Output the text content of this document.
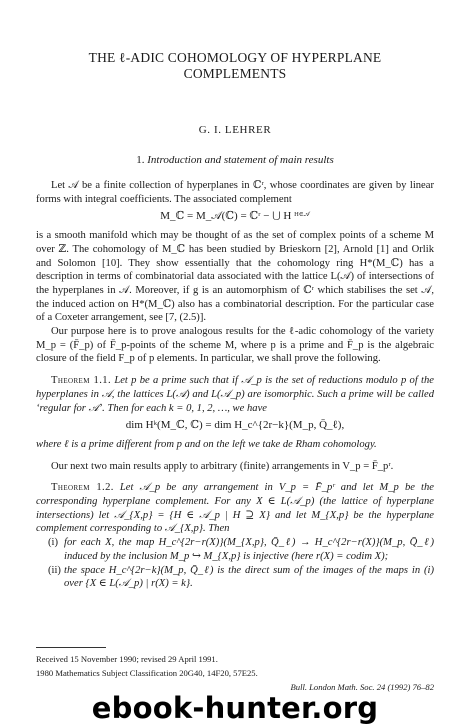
THE ℓ-ADIC COHOMOLOGY OF HYPERPLANE
COMPLEMENTS
G. I. LEHRER
1. Introduction and statement of main results

Let 𝒜 be a finite collection of hyperplanes in ℂʳ, whose coordinates are given by linear forms with integral coefficients. The associated complement

M_ℂ = M_𝒜(ℂ) = ℂʳ − ⋃ H H∈𝒜

is a smooth manifold which may be thought of as the set of complex points of a scheme M over ℤ. The cohomology of M_ℂ has been studied by Brieskorn [2], Arnold [1] and Orlik and Solomon [10]. They show essentially that the cohomology ring H*(M_ℂ) has a description in terms of combinatorial data associated with the lattice L(𝒜) of intersections of the hyperplanes in 𝒜. Moreover, if g is an automorphism of ℂʳ which stabilises the set 𝒜, the induced action on H*(M_ℂ) also has a combinatorial description. For the particular case of a Coxeter arrangement, see [7, (2.5)].

Our purpose here is to prove analogous results for the ℓ-adic cohomology of the variety M_p = (F̄_p) of F̄_p-points of the scheme M, where p is a prime and F̄_p is the algebraic closure of the field F_p of p elements. In particular, we shall prove the following.

Theorem 1.1. Let p be a prime such that if 𝒜_p is the set of reductions modulo p of the hyperplanes in 𝒜, the lattices L(𝒜) and L(𝒜_p) are isomorphic. Such a prime will be called ‘regular for 𝒜’. Then for each k = 0, 1, 2, …, we have

dim Hᵏ(M_ℂ, ℂ) = dim H_c^{2r−k}(M_p, Q̄_ℓ),

where ℓ is a prime different from p and on the left we take de Rham cohomology.

Our next two main results apply to arbitrary (finite) arrangements in V_p = F̄_pʳ.

Theorem 1.2. Let 𝒜_p be any arrangement in V_p = F̄_pʳ and let M_p be the corresponding hyperplane complement. For any X ∈ L(𝒜_p) (the lattice of hyperplane intersections) let 𝒜_{X,p} = {H ∈ 𝒜_p | H ⊇ X} and let M_{X,p} be the hyperplane complement corresponding to 𝒜_{X,p}. Then

(i) for each X, the map H_c^{2r−r(X)}(M_{X,p}, Q̄_ℓ) → H_c^{2r−r(X)}(M_p, Q̄_ℓ) induced by the inclusion M_p ↪ M_{X,p} is injective (here r(X) = codim X);
(ii) the space H_c^{2r−k}(M_p, Q̄_ℓ) is the direct sum of the images of the maps in (i) over {X ∈ L(𝒜_p) | r(X) = k}.
Received 15 November 1990; revised 29 April 1991.
1980 Mathematics Subject Classification 20G40, 14F20, 57E25.
Bull. London Math. Soc. 24 (1992) 76–82
ebook-hunter.org
